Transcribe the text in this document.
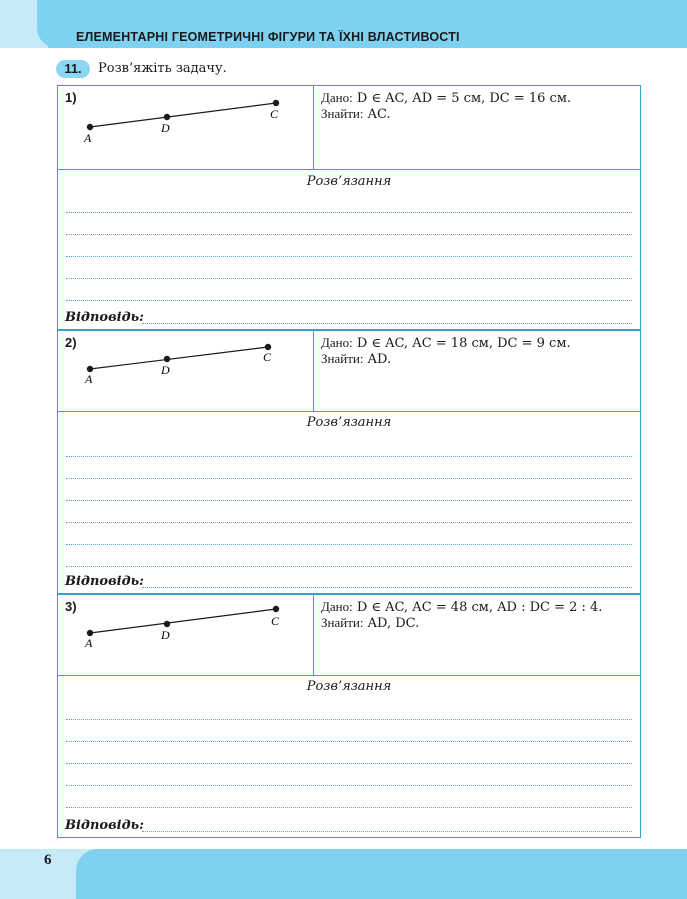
ЕЛЕМЕНТАРНІ ГЕОМЕТРИЧНІ ФІГУРИ ТА ЇХНІ ВЛАСТИВОСТІ
11.	Розв’яжіть задачу.
1)
A
D
C
Дано: D ∈ AC, AD = 5 см, DC = 16 см.
Знайти: AC.
Розв’язання
Відповідь:
2)
A
D
C
Дано: D ∈ AC, AC = 18 см, DC = 9 см.
Знайти: AD.
Розв’язання
Відповідь:
3)
A
D
C
Дано: D ∈ AC, AC = 48 см, AD : DC = 2 : 4.
Знайти: AD, DC.
Розв’язання
Відповідь:
6
